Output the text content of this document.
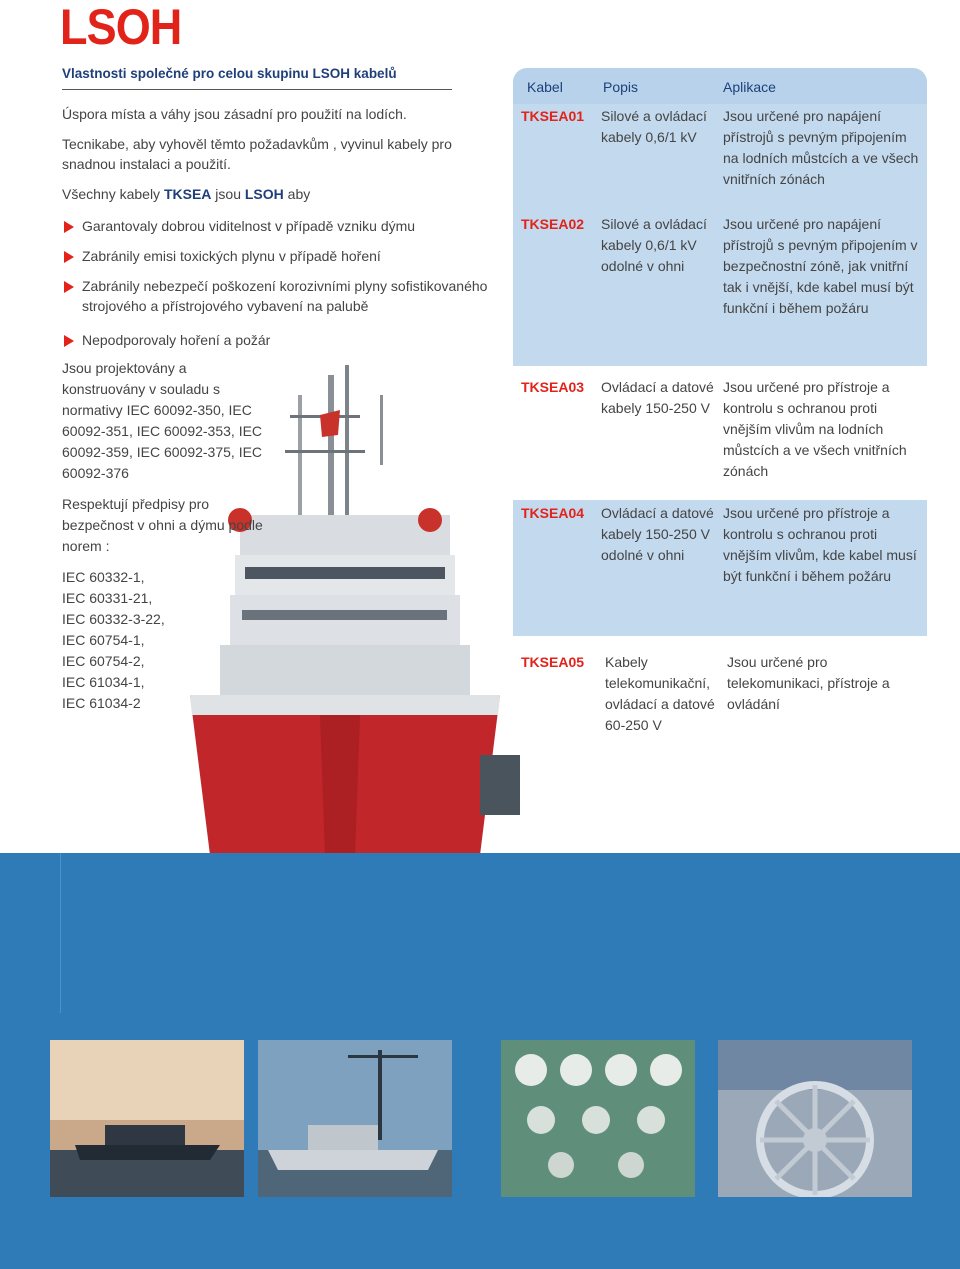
LSOH
Vlastnosti společné pro celou skupinu LSOH kabelů

Úspora místa a váhy jsou zásadní pro použití na lodích.

Tecnikabe, aby vyhověl těmto požadavkům , vyvinul kabely pro snadnou instalaci a použití.

Všechny kabely TKSEA jsou LSOH aby

Garantovaly dobrou viditelnost v případě vzniku dýmu
Zabránily emisi toxických plynu v případě hoření
Zabránily nebezpečí poškození korozivními plyny sofistikovaného strojového a přístrojového vybavení na palubě
Nepodporovaly hoření a požár

Jsou projektovány a konstruovány v souladu s normativy IEC 60092-350, IEC 60092-351, IEC 60092-353, IEC 60092-359, IEC 60092-375, IEC 60092-376

Respektují předpisy pro bezpečnost v ohni a dýmu podle norem :

IEC 60332-1,
IEC 60331-21,
IEC 60332-3-22,
IEC 60754-1,
IEC 60754-2,
IEC 61034-1,
IEC 61034-2
Kabel	Popis	Aplikace
TKSEA01 Silové a ovládací kabely 0,6/1 kV
Jsou určené pro napájení přístrojů s pevným připojením na lodních můstcích a ve všech vnitřních zónách
TKSEA02 Silové a ovládací kabely 0,6/1 kV odolné v ohni
Jsou určené pro napájení přístrojů s pevným připojením v bezpečnostní zóně, jak vnitřní tak i vnější, kde kabel musí být funkční i během požáru
TKSEA03 Ovládací a datové kabely 150-250 V
Jsou určené pro přístroje a kontrolu s ochranou proti vnějším vlivům na lodních můstcích a ve všech vnitřních zónách
TKSEA04 Ovládací a datové kabely 150-250 V odolné v ohni
Jsou určené pro přístroje a kontrolu s ochranou proti vnějším vlivům, kde kabel musí být funkční i během požáru
TKSEA05 Kabely telekomunikační, ovládací a datové 60-250 V
Jsou určené pro telekomunikaci, přístroje a ovládání
